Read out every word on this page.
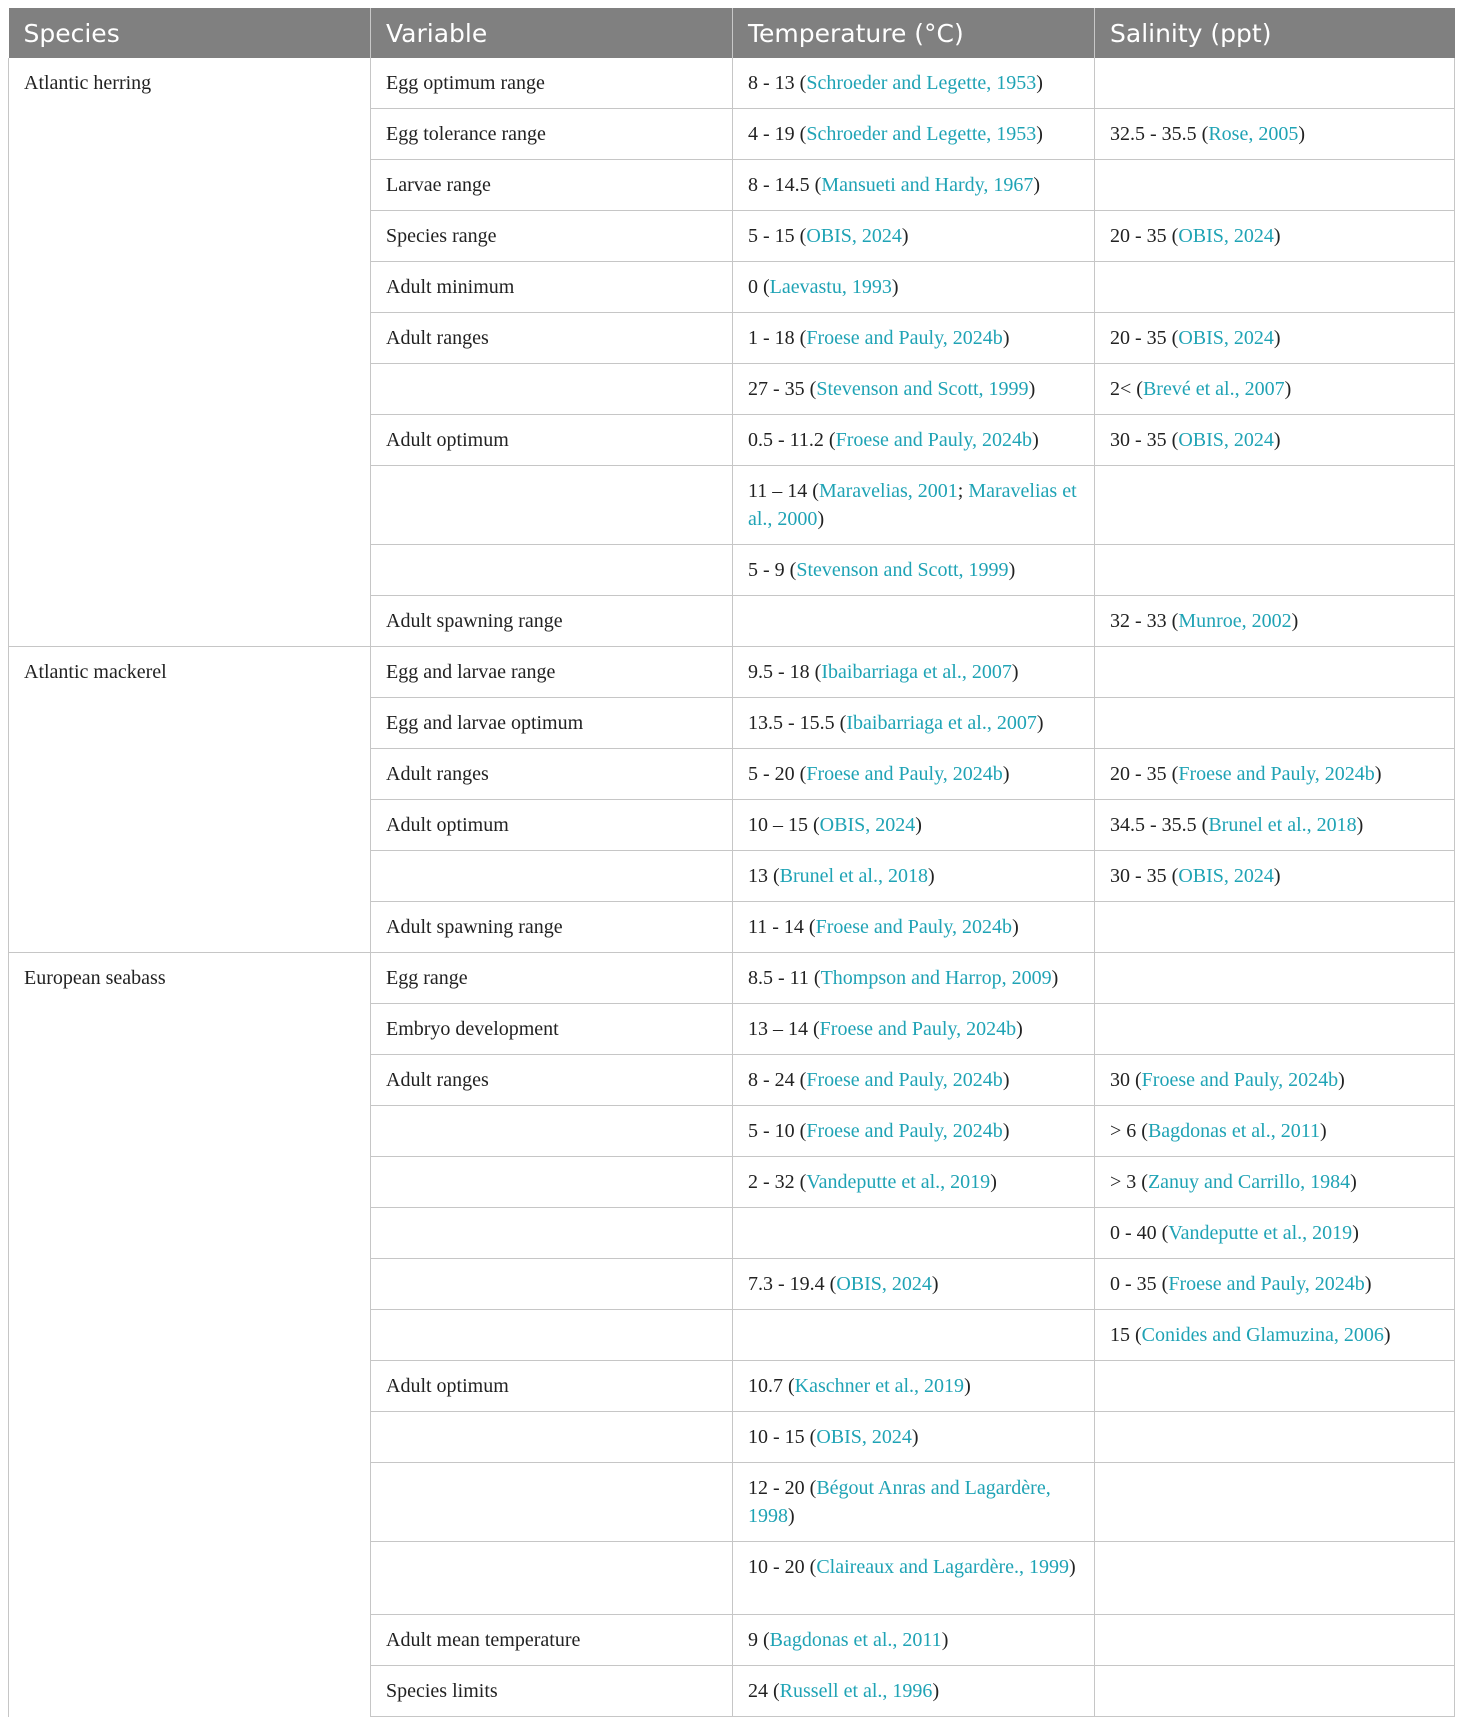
Species	Variable	Temperature (°C)	Salinity (ppt)
Atlantic herring	Egg optimum range	8 - 13 (Schroeder and Legette, 1953)	
	Egg tolerance range	4 - 19 (Schroeder and Legette, 1953)	32.5 - 35.5 (Rose, 2005)
	Larvae range	8 - 14.5 (Mansueti and Hardy, 1967)	
	Species range	5 - 15 (OBIS, 2024)	20 - 35 (OBIS, 2024)
	Adult minimum	0 (Laevastu, 1993)	
	Adult ranges	1 - 18 (Froese and Pauly, 2024b)	20 - 35 (OBIS, 2024)
		27 - 35 (Stevenson and Scott, 1999)	2< (Brevé et al., 2007)
	Adult optimum	0.5 - 11.2 (Froese and Pauly, 2024b)	30 - 35 (OBIS, 2024)
		11 – 14 (Maravelias, 2001; Maravelias et al., 2000)	
		5 - 9 (Stevenson and Scott, 1999)	
	Adult spawning range		32 - 33 (Munroe, 2002)
Atlantic mackerel	Egg and larvae range	9.5 - 18 (Ibaibarriaga et al., 2007)	
	Egg and larvae optimum	13.5 - 15.5 (Ibaibarriaga et al., 2007)	
	Adult ranges	5 - 20 (Froese and Pauly, 2024b)	20 - 35 (Froese and Pauly, 2024b)
	Adult optimum	10 – 15 (OBIS, 2024)	34.5 - 35.5 (Brunel et al., 2018)
		13 (Brunel et al., 2018)	30 - 35 (OBIS, 2024)
	Adult spawning range	11 - 14 (Froese and Pauly, 2024b)	
European seabass	Egg range	8.5 - 11 (Thompson and Harrop, 2009)	
	Embryo development	13 – 14 (Froese and Pauly, 2024b)	
	Adult ranges	8 - 24 (Froese and Pauly, 2024b)	30 (Froese and Pauly, 2024b)
		5 - 10 (Froese and Pauly, 2024b)	> 6 (Bagdonas et al., 2011)
		2 - 32 (Vandeputte et al., 2019)	> 3 (Zanuy and Carrillo, 1984)
			0 - 40 (Vandeputte et al., 2019)
		7.3 - 19.4 (OBIS, 2024)	0 - 35 (Froese and Pauly, 2024b)
			15 (Conides and Glamuzina, 2006)
	Adult optimum	10.7 (Kaschner et al., 2019)	
		10 - 15 (OBIS, 2024)	
		12 - 20 (Bégout Anras and Lagardère, 1998)	
		10 - 20 (Claireaux and Lagardère., 1999)	
	Adult mean temperature	9 (Bagdonas et al., 2011)	
	Species limits	24 (Russell et al., 1996)	
